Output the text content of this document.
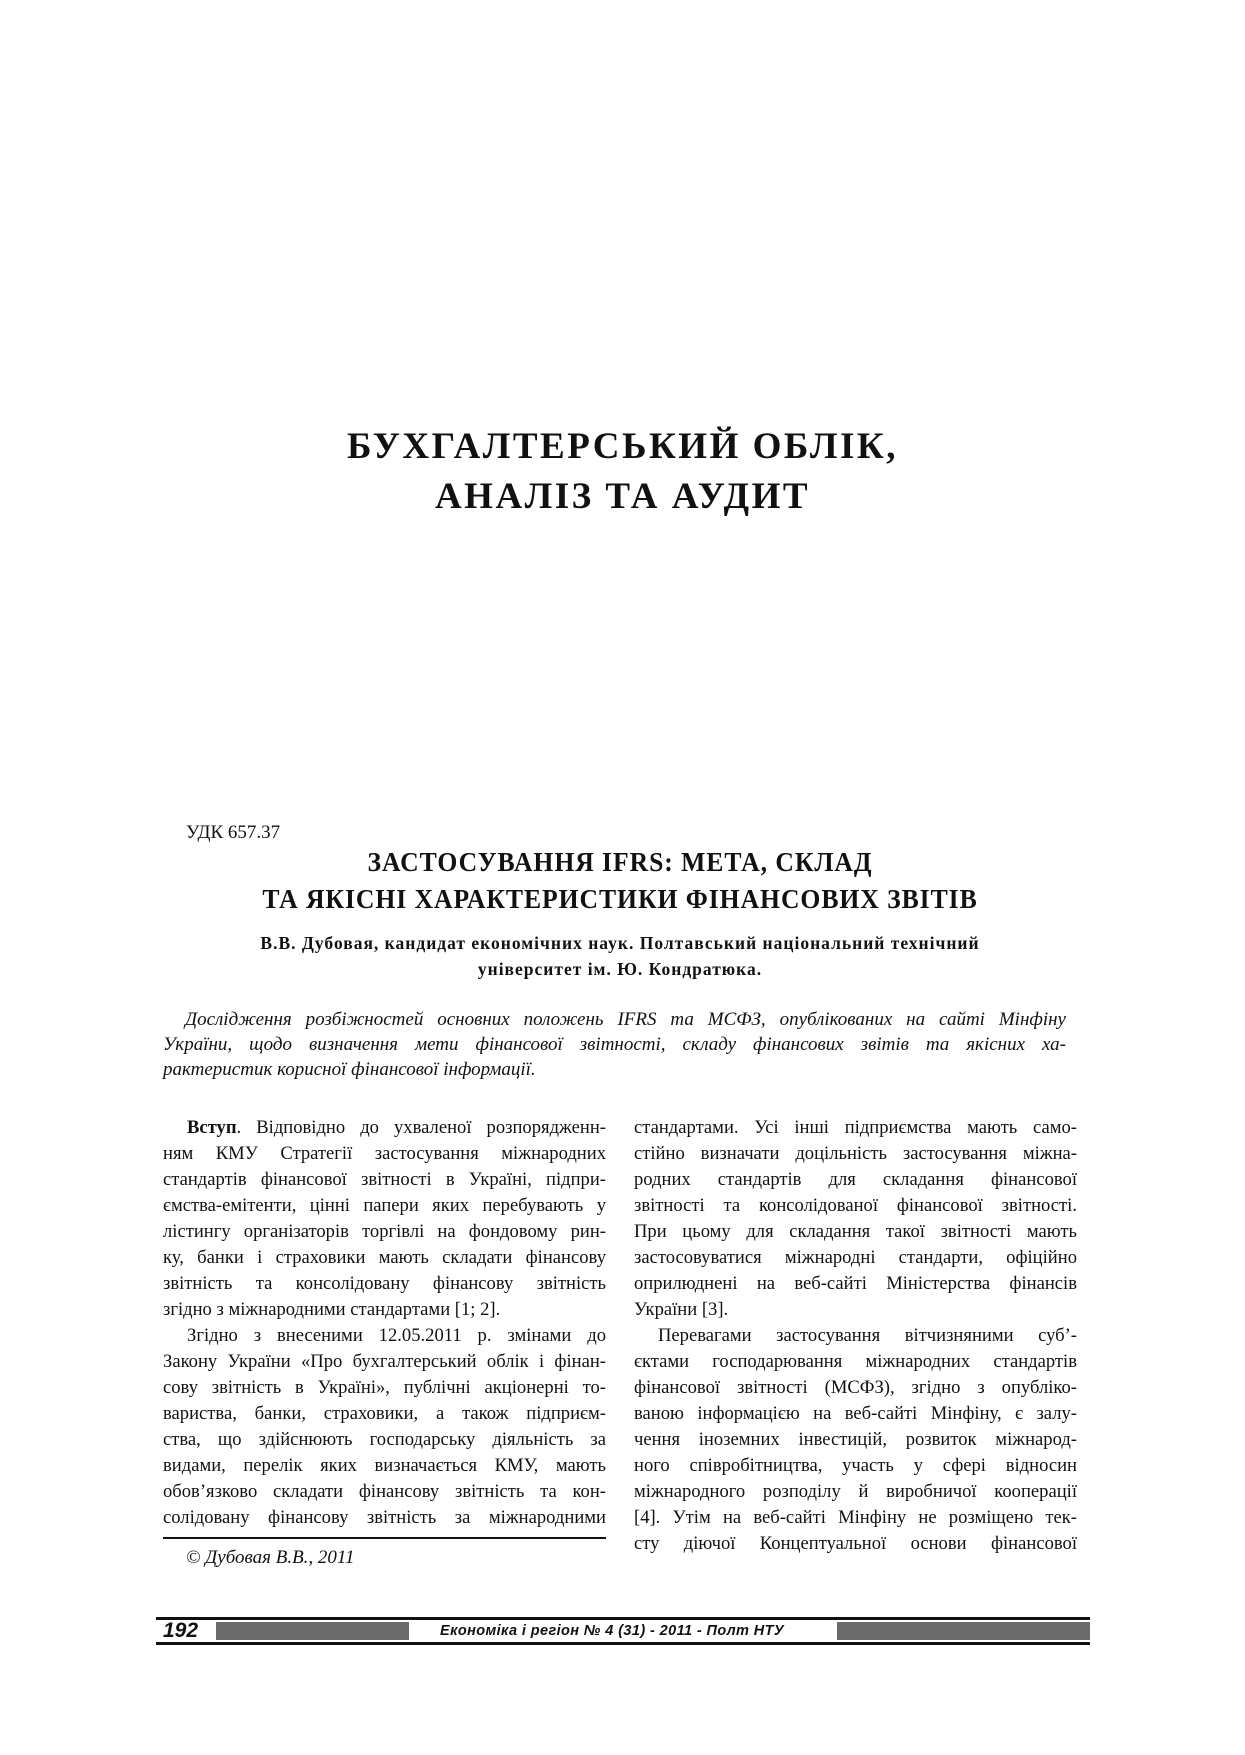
БУХГАЛТЕРСЬКИЙ ОБЛІК,
АНАЛІЗ ТА АУДИТ
УДК 657.37
ЗАСТОСУВАННЯ IFRS: МЕТА, СКЛАД
ТА ЯКІСНІ ХАРАКТЕРИСТИКИ ФІНАНСОВИХ ЗВІТІВ
В.В. Дубовая, кандидат економічних наук. Полтавський національний технічний
університет ім. Ю. Кондратюка.
Дослідження розбіжностей основних положень IFRS та МСФЗ, опублікованих на сайті Мінфіну
України, щодо визначення мети фінансової звітності, складу фінансових звітів та якісних ха-
рактеристик корисної фінансової інформації.
Вступ. Відповідно до ухваленої розпорядженн-
ням КМУ Стратегії застосування міжнародних
стандартів фінансової звітності в Україні, підпри-
ємства-емітенти, цінні папери яких перебувають у
лістингу організаторів торгівлі на фондовому рин-
ку, банки і страховики мають складати фінансову
звітність та консолідовану фінансову звітність
згідно з міжнародними стандартами [1; 2].
Згідно з внесеними 12.05.2011 р. змінами до
Закону України «Про бухгалтерський облік і фінан-
сову звітність в Україні», публічні акціонерні то-
вариства, банки, страховики, а також підприєм-
ства, що здійснюють господарську діяльність за
видами, перелік яких визначається КМУ, мають
обов’язково складати фінансову звітність та кон-
солідовану фінансову звітність за міжнародними
стандартами. Усі інші підприємства мають само-
стійно визначати доцільність застосування міжна-
родних стандартів для складання фінансової
звітності та консолідованої фінансової звітності.
При цьому для складання такої звітності мають
застосовуватися міжнародні стандарти, офіційно
оприлюднені на веб-сайті Міністерства фінансів
України [3].
Перевагами застосування вітчизняними суб’-
єктами господарювання міжнародних стандартів
фінансової звітності (МСФЗ), згідно з опубліко-
ваною інформацією на веб-сайті Мінфіну, є залу-
чення іноземних інвестицій, розвиток міжнарод-
ного співробітництва, участь у сфері відносин
міжнародного розподілу й виробничої кооперації
[4]. Утім на веб-сайті Мінфіну не розміщено тек-
сту діючої Концептуальної основи фінансової
© Дубовая В.В., 2011
192	Економіка і регіон № 4 (31) - 2011 - Полт НТУ
